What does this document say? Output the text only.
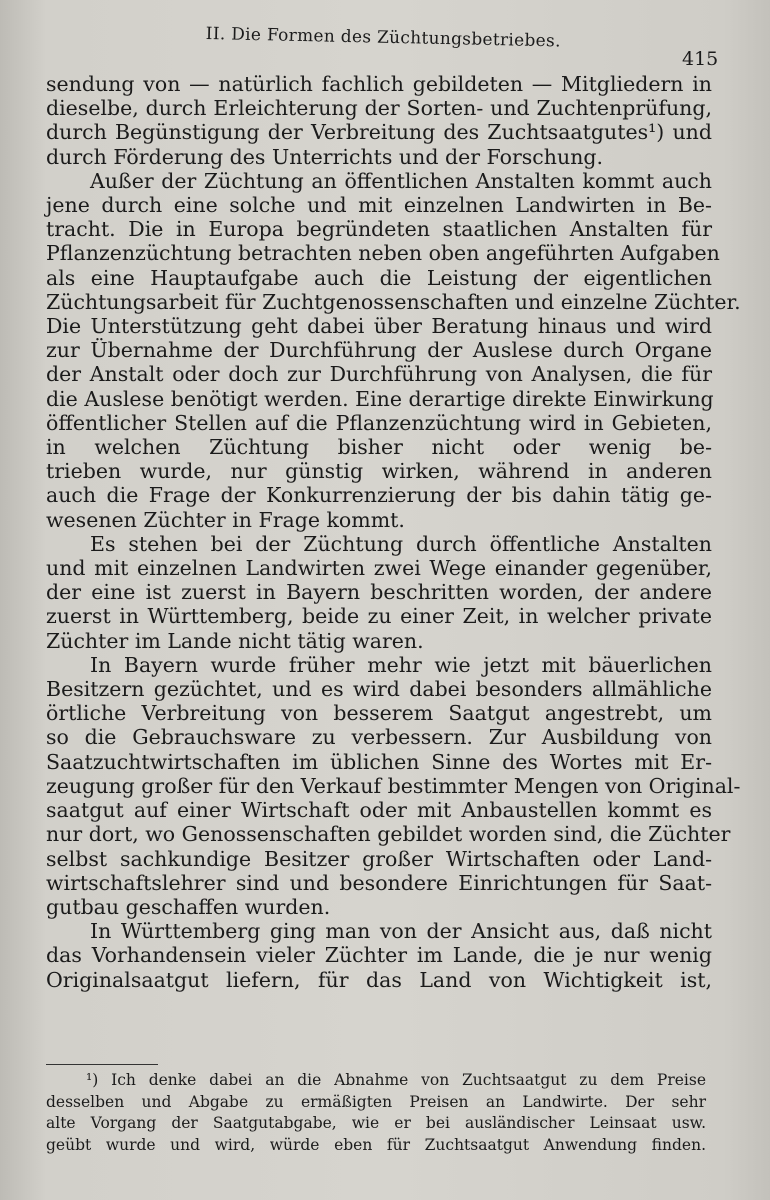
II. Die Formen des Züchtungsbetriebes.
415
sendung von — natürlich fachlich gebildeten — Mitgliedern in
dieselbe, durch Erleichterung der Sorten- und Zuchtenprüfung,
durch Begünstigung der Verbreitung des Zuchtsaatgutes¹) und
durch Förderung des Unterrichts und der Forschung.
Außer der Züchtung an öffentlichen Anstalten kommt auch
jene durch eine solche und mit einzelnen Landwirten in Be-
tracht. Die in Europa begründeten staatlichen Anstalten für
Pflanzenzüchtung betrachten neben oben angeführten Aufgaben
als eine Hauptaufgabe auch die Leistung der eigentlichen
Züchtungsarbeit für Zuchtgenossenschaften und einzelne Züchter.
Die Unterstützung geht dabei über Beratung hinaus und wird
zur Übernahme der Durchführung der Auslese durch Organe
der Anstalt oder doch zur Durchführung von Analysen, die für
die Auslese benötigt werden. Eine derartige direkte Einwirkung
öffentlicher Stellen auf die Pflanzenzüchtung wird in Gebieten,
in welchen Züchtung bisher nicht oder wenig be-
trieben wurde, nur günstig wirken, während in anderen
auch die Frage der Konkurrenzierung der bis dahin tätig ge-
wesenen Züchter in Frage kommt.
Es stehen bei der Züchtung durch öffentliche Anstalten
und mit einzelnen Landwirten zwei Wege einander gegenüber,
der eine ist zuerst in Bayern beschritten worden, der andere
zuerst in Württemberg, beide zu einer Zeit, in welcher private
Züchter im Lande nicht tätig waren.
In Bayern wurde früher mehr wie jetzt mit bäuerlichen
Besitzern gezüchtet, und es wird dabei besonders allmähliche
örtliche Verbreitung von besserem Saatgut angestrebt, um
so die Gebrauchsware zu verbessern. Zur Ausbildung von
Saatzuchtwirtschaften im üblichen Sinne des Wortes mit Er-
zeugung großer für den Verkauf bestimmter Mengen von Original-
saatgut auf einer Wirtschaft oder mit Anbaustellen kommt es
nur dort, wo Genossenschaften gebildet worden sind, die Züchter
selbst sachkundige Besitzer großer Wirtschaften oder Land-
wirtschaftslehrer sind und besondere Einrichtungen für Saat-
gutbau geschaffen wurden.
In Württemberg ging man von der Ansicht aus, daß nicht
das Vorhandensein vieler Züchter im Lande, die je nur wenig
Originalsaatgut liefern, für das Land von Wichtigkeit ist,
¹) Ich denke dabei an die Abnahme von Zuchtsaatgut zu dem Preise
desselben und Abgabe zu ermäßigten Preisen an Landwirte. Der sehr
alte Vorgang der Saatgutabgabe, wie er bei ausländischer Leinsaat usw.
geübt wurde und wird, würde eben für Zuchtsaatgut Anwendung finden.
